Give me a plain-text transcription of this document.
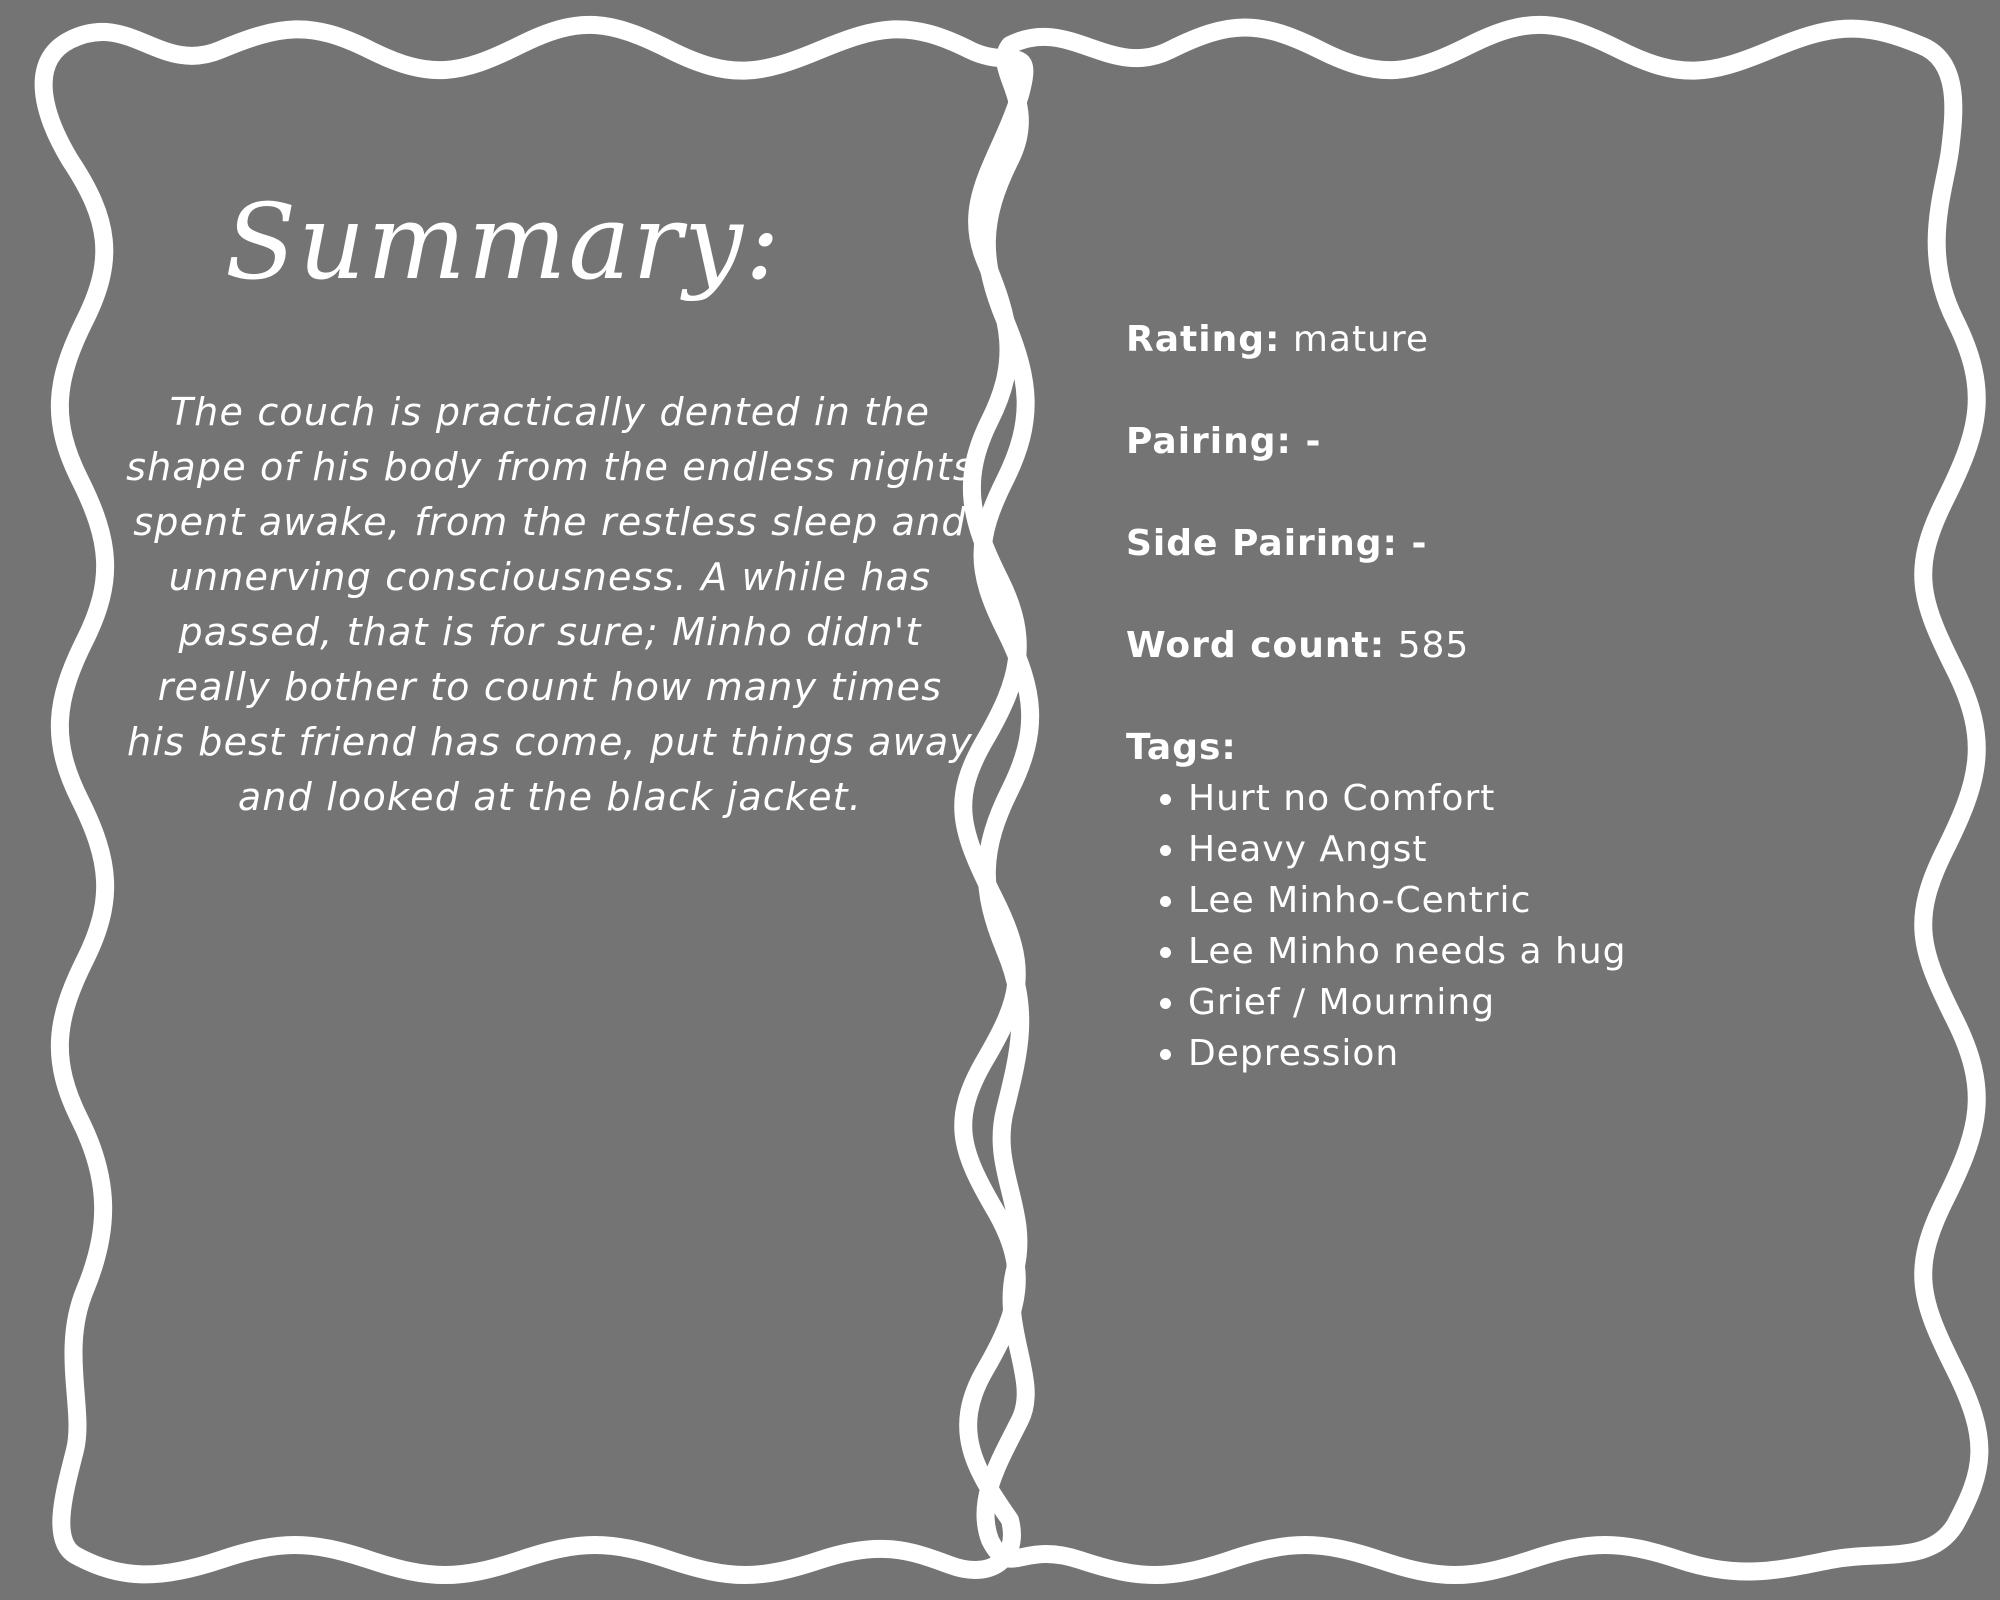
Summary:
The couch is practically dented in the shape of his body from the endless nights spent awake, from the restless sleep and unnerving consciousness. A while has passed, that is for sure; Minho didn't really bother to count how many times his best friend has come, put things away and looked at the black jacket.
Rating: mature
Pairing: -
Side Pairing: -
Word count: 585
Tags:
• Hurt no Comfort
• Heavy Angst
• Lee Minho-Centric
• Lee Minho needs a hug
• Grief / Mourning
• Depression
